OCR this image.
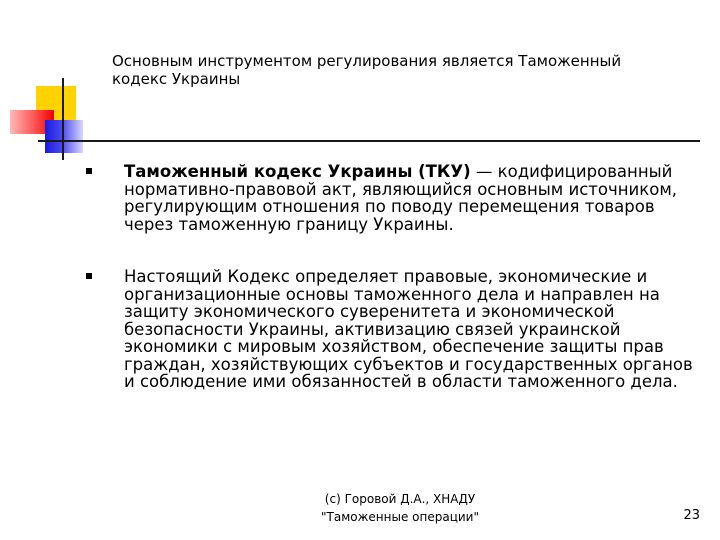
Основным инструментом регулирования является Таможенный кодекс Украины

Таможенный кодекс Украины (ТКУ) — кодифицированный нормативно-правовой акт, являющийся основным источником, регулирующим отношения по поводу перемещения товаров через таможенную границу Украины.

Настоящий Кодекс определяет правовые, экономические и организационные основы таможенного дела и направлен на защиту экономического суверенитета и экономической безопасности Украины, активизацию связей украинской экономики с мировым хозяйством, обеспечение защиты прав граждан, хозяйствующих субъектов и государственных органов и соблюдение ими обязанностей в области таможенного дела.

(с) Горовой Д.А., ХНАДУ
"Таможенные операции"	23
